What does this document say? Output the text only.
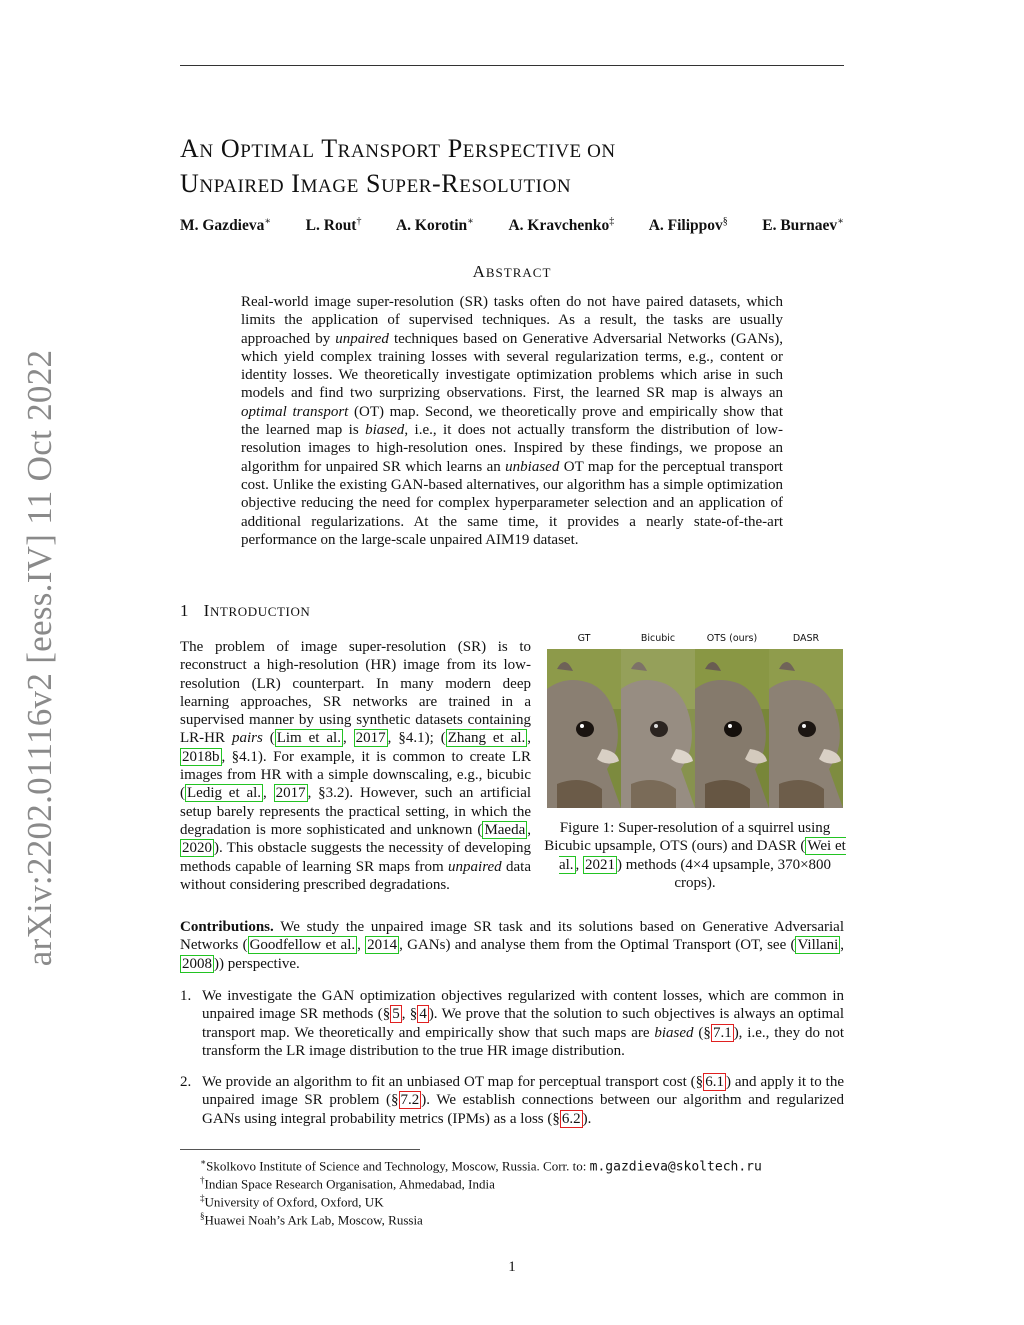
arXiv:2202.01116v2 [eess.IV] 11 Oct 2022
AN OPTIMAL TRANSPORT PERSPECTIVE ON
UNPAIRED IMAGE SUPER-RESOLUTION
M. Gazdieva∗ L. Rout† A. Korotin∗ A. Kravchenko‡ A. Filippov§ E. Burnaev∗
ABSTRACT
Real-world image super-resolution (SR) tasks often do not have paired datasets, which limits the application of supervised techniques. As a result, the tasks are usually approached by unpaired techniques based on Generative Adversarial Networks (GANs), which yield complex training losses with several regularization terms, e.g., content or identity losses. We theoretically investigate optimization problems which arise in such models and find two surprizing observations. First, the learned SR map is always an optimal transport (OT) map. Second, we theoretically prove and empirically show that the learned map is biased, i.e., it does not actually transform the distribution of low-resolution images to high-resolution ones. Inspired by these findings, we propose an algorithm for unpaired SR which learns an unbiased OT map for the perceptual transport cost. Unlike the existing GAN-based alternatives, our algorithm has a simple optimization objective reducing the need for complex hyperparameter selection and an application of additional regularizations. At the same time, it provides a nearly state-of-the-art performance on the large-scale unpaired AIM19 dataset.
1 INTRODUCTION
The problem of image super-resolution (SR) is to reconstruct a high-resolution (HR) image from its low-resolution (LR) counterpart. In many modern deep learning approaches, SR networks are trained in a supervised manner by using synthetic datasets containing LR-HR pairs ( Lim et al. , 2017 , §4.1); ( Zhang et al. , 2018b , §4.1). For example, it is common to create LR images from HR with a simple downscaling, e.g., bicubic ( Ledig et al. , 2017 , §3.2). However, such an artificial setup barely represents the practical setting, in which the degradation is more sophisticated and unknown ( Maeda , 2020 ). This obstacle suggests the necessity of developing methods capable of learning SR maps from unpaired data without considering prescribed degradations.
GT	Bicubic	OTS (ours)	DASR
Figure 1: Super-resolution of a squirrel using Bicubic upsample, OTS (ours) and DASR ( Wei et al. , 2021 ) methods (4×4 upsample, 370×800 crops).
Contributions. We study the unpaired image SR task and its solutions based on Generative Adversarial Networks ( Goodfellow et al. , 2014 , GANs) and analyse them from the Optimal Transport (OT, see ( Villani , 2008 )) perspective.
1. We investigate the GAN optimization objectives regularized with content losses, which are common in unpaired image SR methods (§ 5 , § 4 ). We prove that the solution to such objectives is always an optimal transport map. We theoretically and empirically show that such maps are biased (§ 7.1 ), i.e., they do not transform the LR image distribution to the true HR image distribution.
2. We provide an algorithm to fit an unbiased OT map for perceptual transport cost (§ 6.1 ) and apply it to the unpaired image SR problem (§ 7.2 ). We establish connections between our algorithm and regularized GANs using integral probability metrics (IPMs) as a loss (§ 6.2 ).
∗Skolkovo Institute of Science and Technology, Moscow, Russia. Corr. to: m.gazdieva@skoltech.ru
†Indian Space Research Organisation, Ahmedabad, India
‡University of Oxford, Oxford, UK
§Huawei Noah’s Ark Lab, Moscow, Russia
1
